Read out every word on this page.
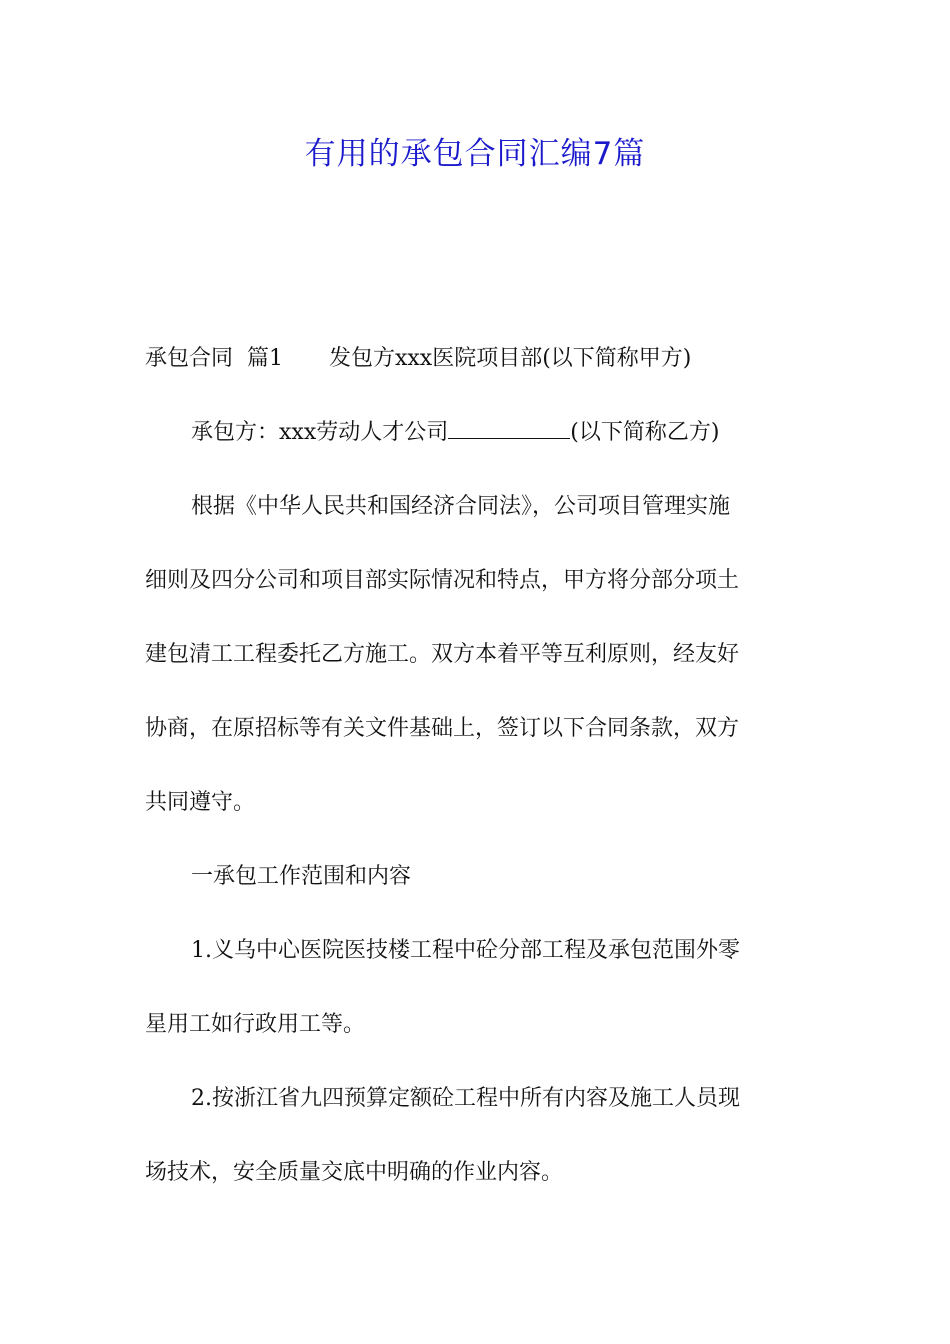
有用的承包合同汇编7篇
承包合同  篇1 发包方xxx医院项目部(以下简称甲方)
承包方：xxx劳动人才公司	(以下简称乙方)
根据《中华人民共和国经济合同法》，公司项目管理实施
细则及四分公司和项目部实际情况和特点，甲方将分部分项土
建包清工工程委托乙方施工。双方本着平等互利原则，经友好
协商，在原招标等有关文件基础上，签订以下合同条款，双方
共同遵守。
一承包工作范围和内容
1.义乌中心医院医技楼工程中砼分部工程及承包范围外零
星用工如行政用工等。
2.按浙江省九四预算定额砼工程中所有内容及施工人员现
场技术，安全质量交底中明确的作业内容。
